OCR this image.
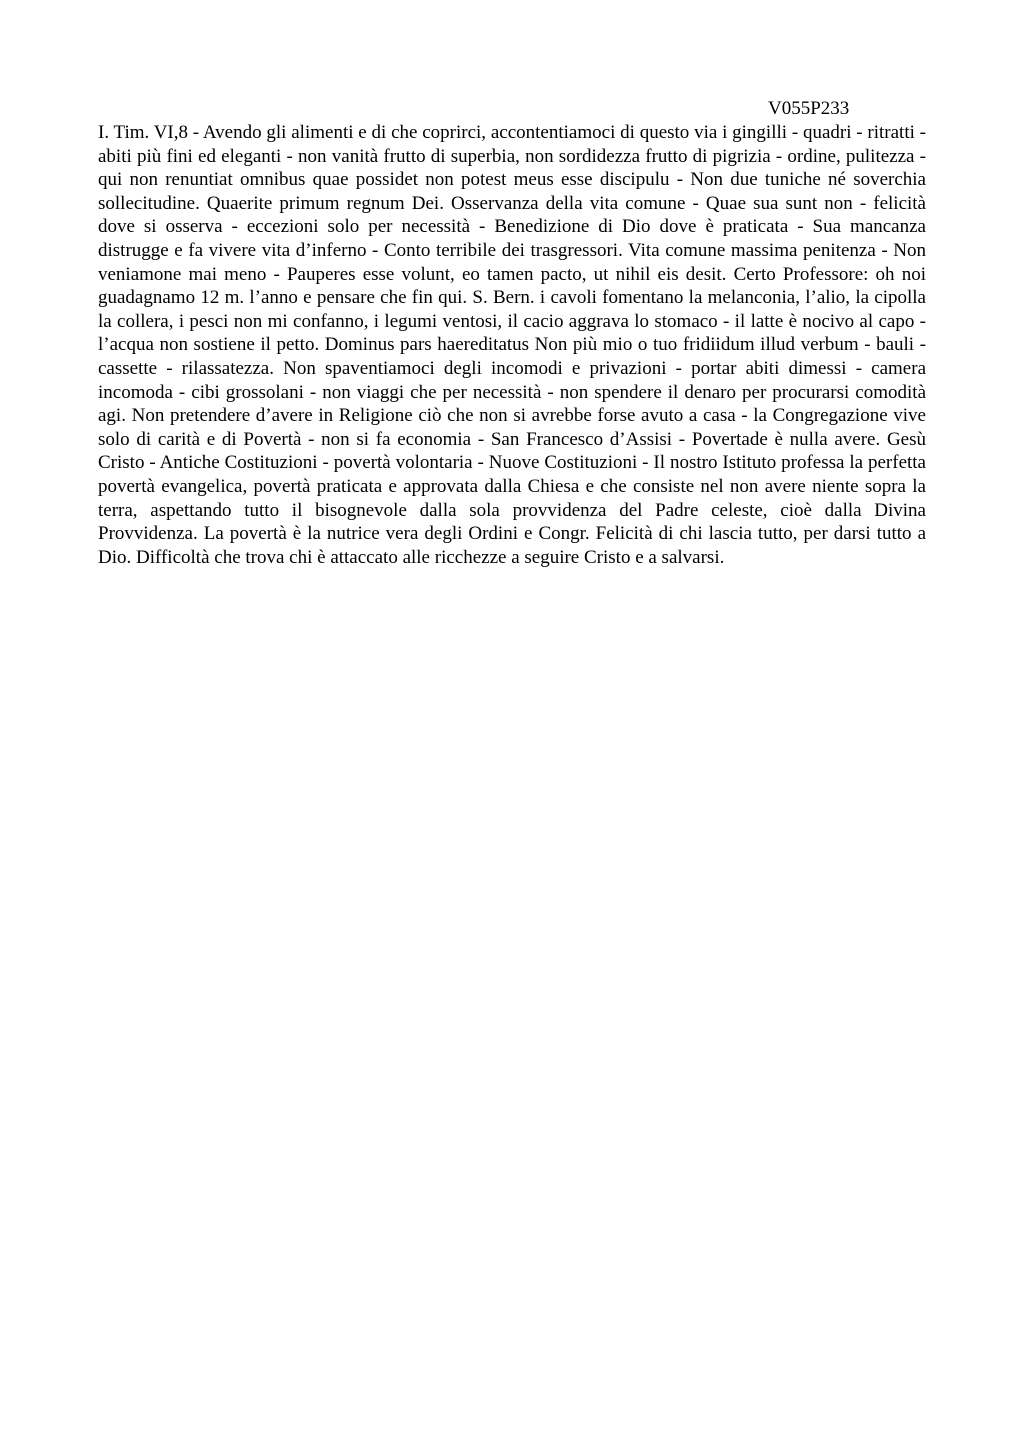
V055P233

I. Tim. VI,8 - Avendo gli alimenti e di che coprirci, accontentiamoci di questo via i gingilli - quadri - ritratti - abiti più fini ed eleganti - non vanità frutto di superbia, non sordidezza frutto di pigrizia - ordine, pulitezza - qui non renuntiat omnibus quae possidet non potest meus esse discipulu - Non due tuniche né soverchia sollecitudine. Quaerite primum regnum Dei. Osservanza della vita comune - Quae sua sunt non - felicità dove si osserva - eccezioni solo per necessità - Benedizione di Dio dove è praticata - Sua mancanza distrugge e fa vivere vita d’inferno - Conto terribile dei trasgressori. Vita comune massima penitenza - Non veniamone mai meno - Pauperes esse volunt, eo tamen pacto, ut nihil eis desit. Certo Professore: oh noi guadagnamo 12 m. l’anno e pensare che fin qui. S. Bern. i cavoli fomentano la melanconia, l’alio, la cipolla la collera, i pesci non mi confanno, i legumi ventosi, il cacio aggrava lo stomaco - il latte è nocivo al capo - l’acqua non sostiene il petto. Dominus pars haereditatus Non più mio o tuo fridiidum illud verbum - bauli - cassette - rilassatezza. Non spaventiamoci degli incomodi e privazioni - portar abiti dimessi - camera incomoda - cibi grossolani - non viaggi che per necessità - non spendere il denaro per procurarsi comodità agi. Non pretendere d’avere in Religione ciò che non si avrebbe forse avuto a casa - la Congregazione vive solo di carità e di Povertà - non si fa economia - San Francesco d’Assisi - Povertade è nulla avere. Gesù Cristo - Antiche Costituzioni - povertà volontaria - Nuove Costituzioni - Il nostro Istituto professa la perfetta povertà evangelica, povertà praticata e approvata dalla Chiesa e che consiste nel non avere niente sopra la terra, aspettando tutto il bisognevole dalla sola provvidenza del Padre celeste, cioè dalla Divina Provvidenza. La povertà è la nutrice vera degli Ordini e Congr. Felicità di chi lascia tutto, per darsi tutto a Dio. Difficoltà che trova chi è attaccato alle ricchezze a seguire Cristo e a salvarsi.
